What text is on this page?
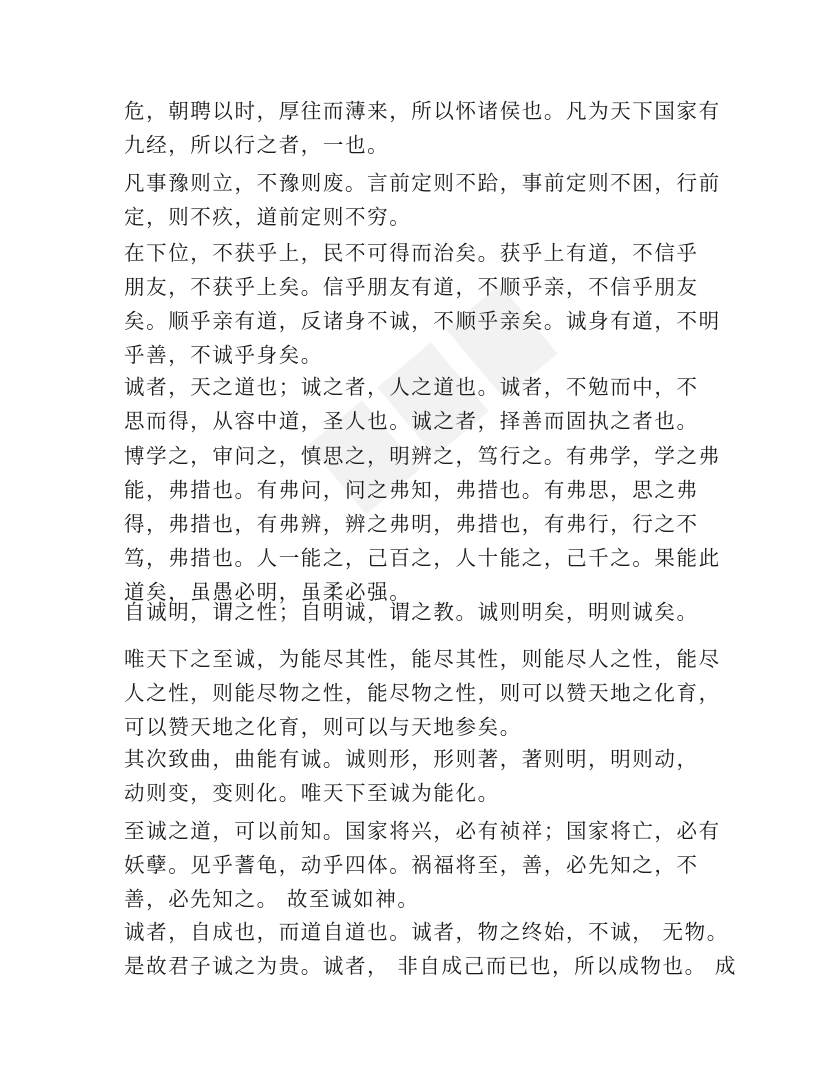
危，朝聘以时，厚往而薄来，所以怀诸侯也。凡为天下国家有
九经，所以行之者，一也。

凡事豫则立，不豫则废。言前定则不跲，事前定则不困，行前
定，则不疚，道前定则不穷。

在下位，不获乎上，民不可得而治矣。获乎上有道，不信乎
朋友，不获乎上矣。信乎朋友有道，不顺乎亲，不信乎朋友
矣。顺乎亲有道，反诸身不诚，不顺乎亲矣。诚身有道，不明
乎善，不诚乎身矣。

诚者，天之道也；诚之者，人之道也。诚者，不勉而中，不
思而得，从容中道，圣人也。诚之者，择善而固执之者也。

博学之，审问之，慎思之，明辨之，笃行之。有弗学，学之弗
能，弗措也。有弗问，问之弗知，弗措也。有弗思，思之弗
得，弗措也，有弗辨，辨之弗明，弗措也，有弗行，行之不
笃，弗措也。人一能之，己百之，人十能之，己千之。果能此
道矣，虽愚必明，虽柔必强。

自诚明，谓之性；自明诚，谓之教。诚则明矣，明则诚矣。

唯天下之至诚，为能尽其性，能尽其性，则能尽人之性，能尽
人之性，则能尽物之性，能尽物之性，则可以赞天地之化育，
可以赞天地之化育，则可以与天地参矣。

其次致曲，曲能有诚。诚则形，形则著，著则明，明则动，
动则变，变则化。唯天下至诚为能化。

至诚之道，可以前知。国家将兴，必有祯祥；国家将亡，必有
妖孽。见乎蓍龟，动乎四体。祸福将至，善，必先知之，不
善，必先知之。 故至诚如神。

诚者，自成也，而道自道也。诚者，物之终始，不诚， 无物。
是故君子诚之为贵。诚者， 非自成己而已也，所以成物也。 成
